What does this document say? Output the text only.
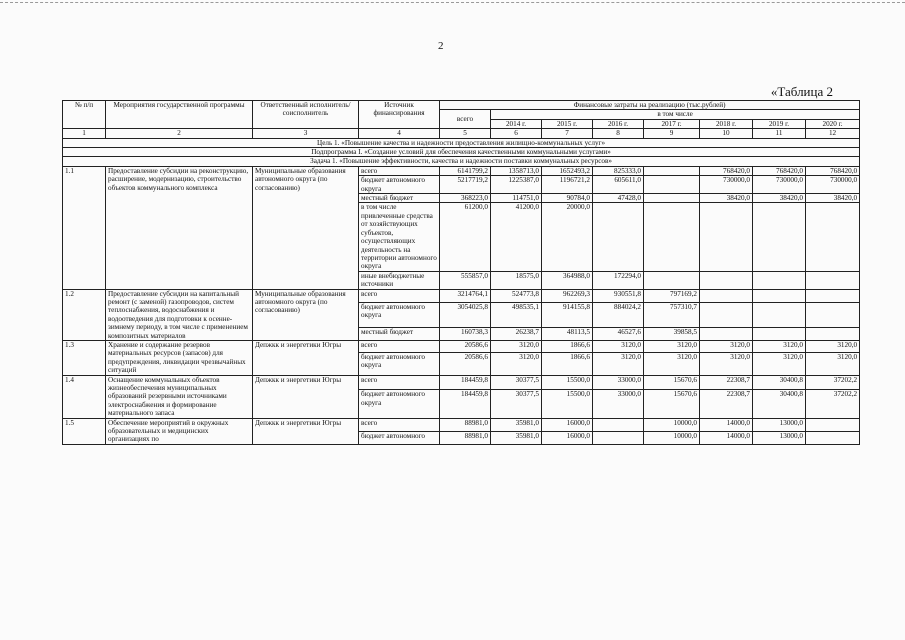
2
«Таблица 2
№ п/п	Мероприятия государственной программы	Ответственный исполнитель/ соисполнитель	Источник финансирования	Финансовые затраты на реализацию (тыс.рублей)							
				всего	в том числе						
					2014 г.	2015 г.	2016 г.	2017 г.	2018 г.	2019 г.	2020 г.
1	2	3	4	5	6	7	8	9	10	11	12
Цель 1. «Повышение качества и надежности предоставления жилищно-коммунальных услуг»											
Подпрограмма I. «Создание условий для обеспечения качественными коммунальными услугами»											
Задача 1. «Повышение эффективности, качества и надежности поставки коммунальных ресурсов»											
1.1	Предоставление субсидии на реконструкцию, расширение, модернизацию, строительство объектов коммунального комплекса	Муниципальные образования автономного округа (по согласованию)	всего	6141799,2	1358713,0	1652493,2	825333,0		768420,0	768420,0	768420,0
			бюджет автономного округа	5217719,2	1225387,0	1196721,2	605611,0		730000,0	730000,0	730000,0
			местный бюджет	368223,0	114751,0	90784,0	47428,0		38420,0	38420,0	38420,0
			в том числе привлеченные средства от хозяйствующих субъектов, осуществляющих деятельность на территории автономного округа	61200,0	41200,0	20000,0					
			иные внебюджетные источники	555857,0	18575,0	364988,0	172294,0				
1.2	Предоставление субсидии на капитальный ремонт (с заменой) газопроводов, систем теплоснабжения, водоснабжения и водоотведения для подготовки к осенне-зимнему периоду, в том числе с применением композитных материалов	Муниципальные образования автономного округа (по согласованию)	всего	3214764,1	524773,8	962269,3	930551,8	797169,2			
			бюджет автономного округа	3054025,8	498535,1	914155,8	884024,2	757310,7			
			местный бюджет	160738,3	26238,7	48113,5	46527,6	39858,5			
1.3	Хранение и содержание резервов материальных ресурсов (запасов) для предупреждения, ликвидации чрезвычайных ситуаций	Депжкк и энергетики Югры	всего	20586,6	3120,0	1866,6	3120,0	3120,0	3120,0	3120,0	3120,0
			бюджет автономного округа	20586,6	3120,0	1866,6	3120,0	3120,0	3120,0	3120,0	3120,0
1.4	Оснащение коммунальных объектов жизнеобеспечения муниципальных образований резервными источниками электроснабжения и формирование материального запаса	Депжкк и энергетики Югры	всего	184459,8	30377,5	15500,0	33000,0	15670,6	22308,7	30400,8	37202,2
			бюджет автономного округа	184459,8	30377,5	15500,0	33000,0	15670,6	22308,7	30400,8	37202,2
1.5	Обеспечение мероприятий в окружных образовательных и медицинских организациях по	Депжкк и энергетики Югры	всего	88981,0	35981,0	16000,0		10000,0	14000,0	13000,0	
			бюджет автономного	88981,0	35981,0	16000,0		10000,0	14000,0	13000,0	
